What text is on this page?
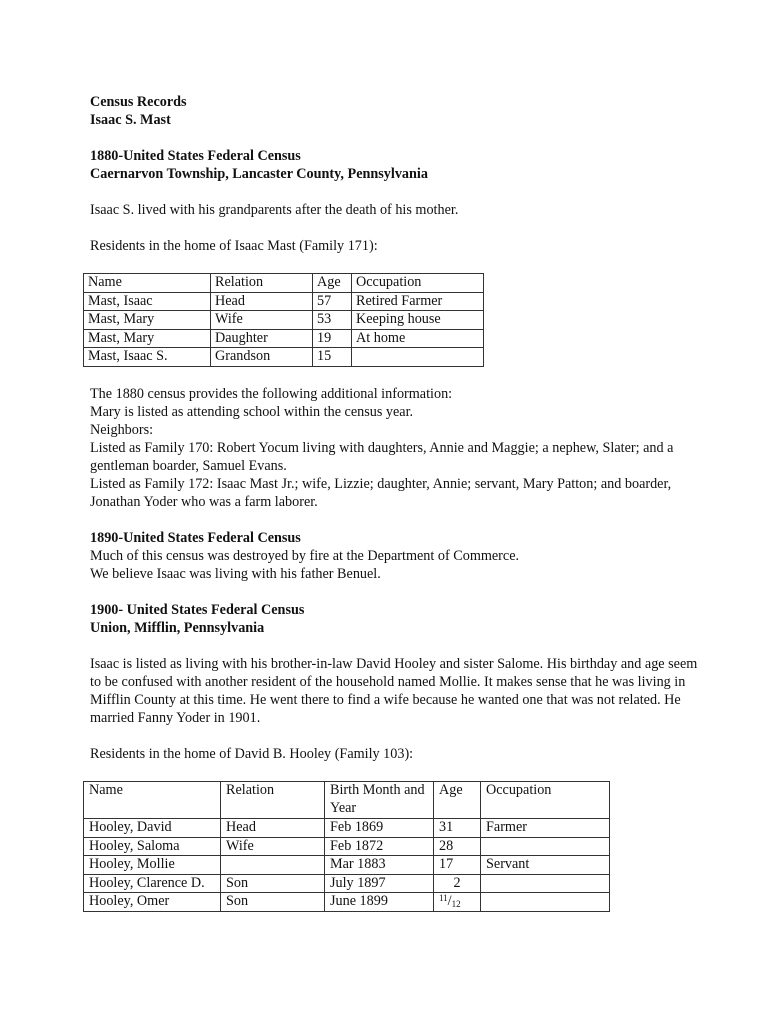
Census Records

Isaac S. Mast

1880-United States Federal Census

Caernarvon Township, Lancaster County, Pennsylvania

Isaac S. lived with his grandparents after the death of his mother.

Residents in the home of Isaac Mast (Family 171):

Name	Relation	Age	Occupation
Mast, Isaac	Head	57	Retired Farmer
Mast, Mary	Wife	53	Keeping house
Mast, Mary	Daughter	19	At home
Mast, Isaac S.	Grandson	15	

The 1880 census provides the following additional information:

Mary is listed as attending school within the census year.

Neighbors:

Listed as Family 170: Robert Yocum living with daughters, Annie and Maggie; a nephew, Slater; and a gentleman boarder, Samuel Evans.

Listed as Family 172: Isaac Mast Jr.; wife, Lizzie; daughter, Annie; servant, Mary Patton; and boarder, Jonathan Yoder who was a farm laborer.

1890-United States Federal Census

Much of this census was destroyed by fire at the Department of Commerce.

We believe Isaac was living with his father Benuel.

1900- United States Federal Census

Union, Mifflin, Pennsylvania

Isaac is listed as living with his brother-in-law David Hooley and sister Salome. His birthday and age seem to be confused with another resident of the household named Mollie. It makes sense that he was living in Mifflin County at this time. He went there to find a wife because he wanted one that was not related. He married Fanny Yoder in 1901.

Residents in the home of David B. Hooley (Family 103):

Name	Relation	Birth Month and Year	Age	Occupation
Hooley, David	Head	Feb 1869	31	Farmer
Hooley, Saloma	Wife	Feb 1872	28	
Hooley, Mollie		Mar 1883	17	Servant
Hooley, Clarence D.	Son	July 1897	2	
Hooley, Omer	Son	June 1899	$^{11}/_{12}$	
